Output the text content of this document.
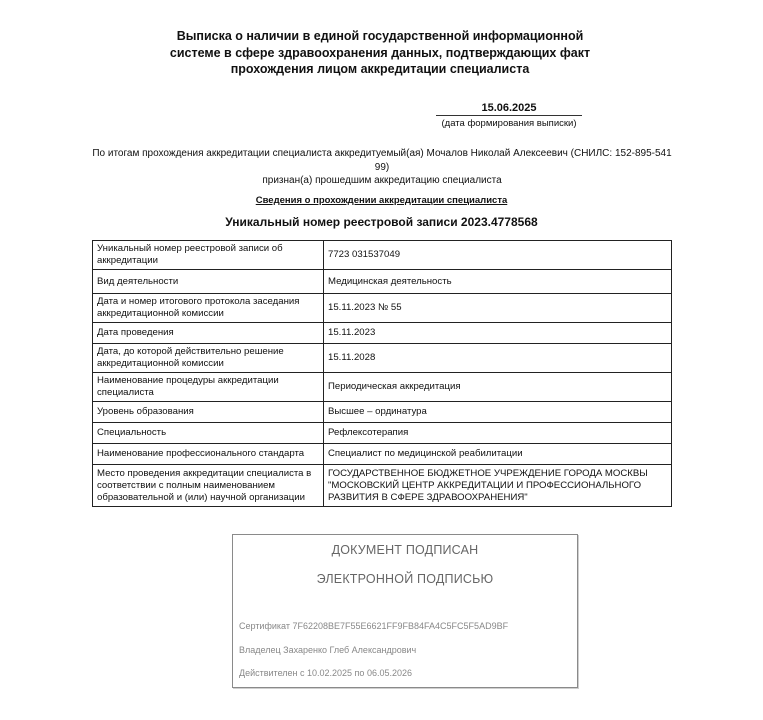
Выписка о наличии в единой государственной информационной
системе в сфере здравоохранения данных, подтверждающих факт
прохождения лицом аккредитации специалиста
15.06.2025
(дата формирования выписки)
По итогам прохождения аккредитации специалиста аккредитуемый(ая) Мочалов Николай Алексеевич (СНИЛС: 152-895-541 99)
признан(а) прошедшим аккредитацию специалиста
Сведения о прохождении аккредитации специалиста
Уникальный номер реестровой записи 2023.4778568
Уникальный номер реестровой записи об аккредитации	7723 031537049
Вид деятельности	Медицинская деятельность
Дата и номер итогового протокола заседания аккредитационной комиссии	15.11.2023 № 55
Дата проведения	15.11.2023
Дата, до которой действительно решение аккредитационной комиссии	15.11.2028
Наименование процедуры аккредитации специалиста	Периодическая аккредитация
Уровень образования	Высшее – ординатура
Специальность	Рефлексотерапия
Наименование профессионального стандарта	Специалист по медицинской реабилитации
Место проведения аккредитации специалиста в соответствии с полным наименованием образовательной и (или) научной организации	ГОСУДАРСТВЕННОЕ БЮДЖЕТНОЕ УЧРЕЖДЕНИЕ ГОРОДА МОСКВЫ "МОСКОВСКИЙ ЦЕНТР АККРЕДИТАЦИИ И ПРОФЕССИОНАЛЬНОГО РАЗВИТИЯ В СФЕРЕ ЗДРАВООХРАНЕНИЯ"
ДОКУМЕНТ ПОДПИСАН
ЭЛЕКТРОННОЙ ПОДПИСЬЮ
Сертификат 7F62208BE7F55E6621FF9FB84FA4C5FC5F5AD9BF
Владелец Захаренко Глеб Александрович
Действителен с 10.02.2025 по 06.05.2026
